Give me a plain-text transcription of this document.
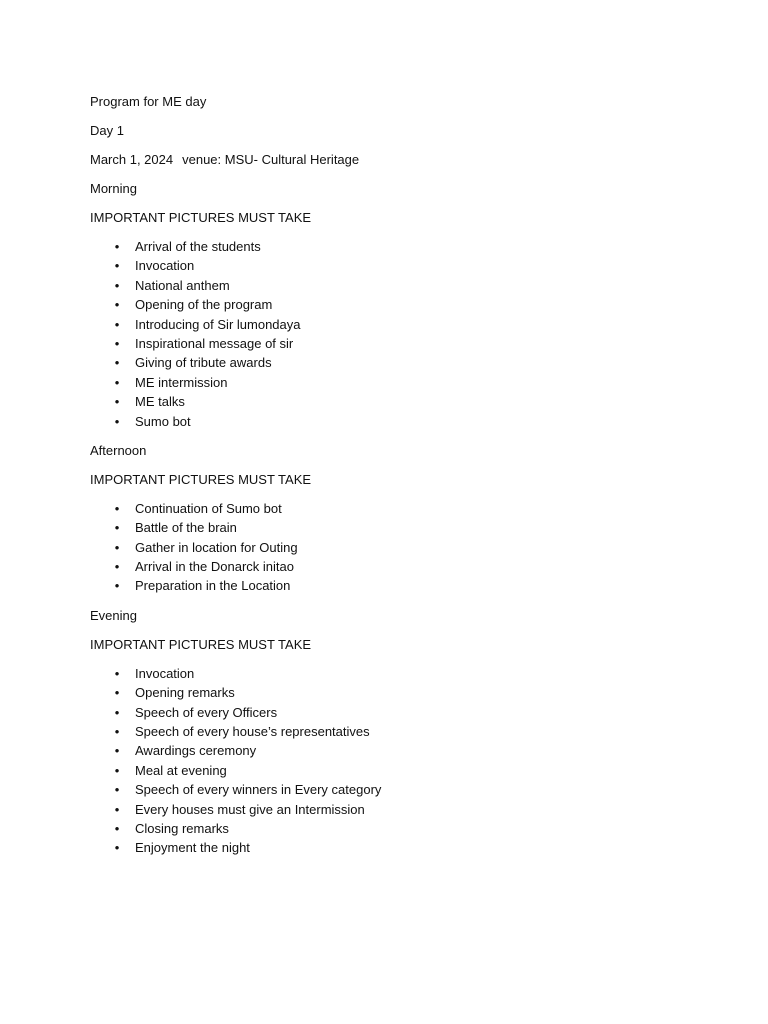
Program for ME day
Day 1
March 1, 2024 venue: MSU- Cultural Heritage
Morning
IMPORTANT PICTURES MUST TAKE
• Arrival of the students
• Invocation
• National anthem
• Opening of the program
• Introducing of Sir lumondaya
• Inspirational message of sir
• Giving of tribute awards
• ME intermission
• ME talks
• Sumo bot
Afternoon
IMPORTANT PICTURES MUST TAKE
• Continuation of Sumo bot
• Battle of the brain
• Gather in location for Outing
• Arrival in the Donarck initao
• Preparation in the Location
Evening
IMPORTANT PICTURES MUST TAKE
• Invocation
• Opening remarks
• Speech of every Officers
• Speech of every house’s representatives
• Awardings ceremony
• Meal at evening
• Speech of every winners in Every category
• Every houses must give an Intermission
• Closing remarks
• Enjoyment the night
